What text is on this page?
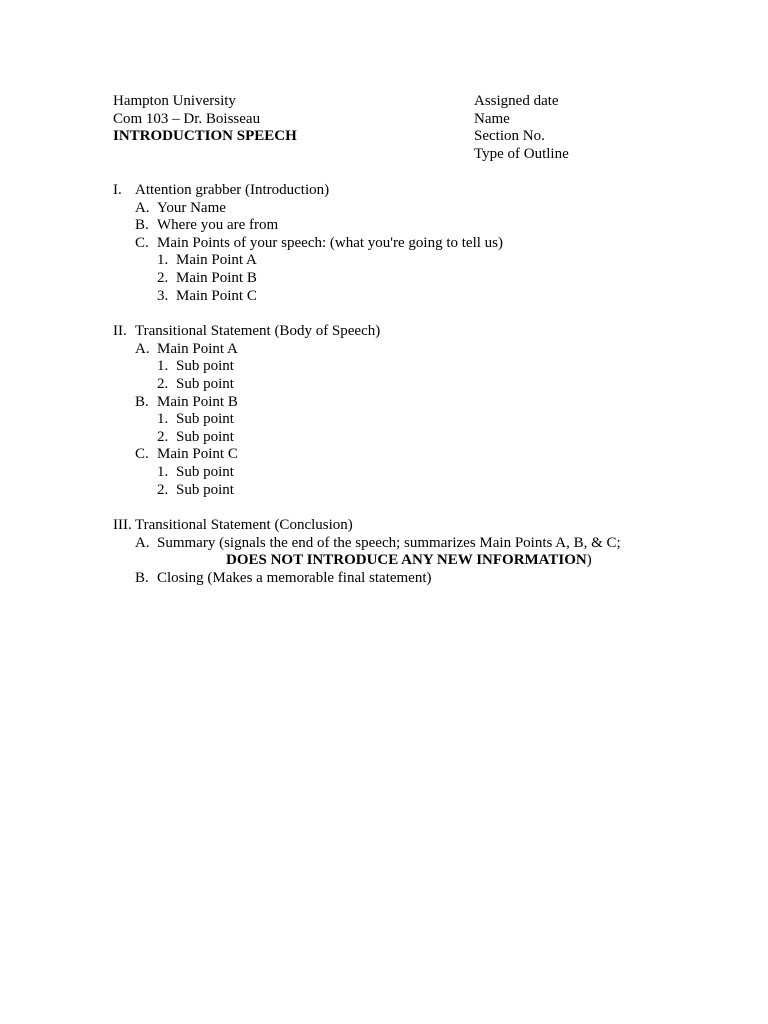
Hampton University
Com 103 – Dr. Boisseau
INTRODUCTION SPEECH
Assigned date
Name
Section No.
Type of Outline
I. Attention grabber (Introduction)
A. Your Name
B. Where you are from
C. Main Points of your speech: (what you're going to tell us)
1. Main Point A
2. Main Point B
3. Main Point C
II. Transitional Statement (Body of Speech)
A. Main Point A
1. Sub point
2. Sub point
B. Main Point B
1. Sub point
2. Sub point
C. Main Point C
1. Sub point
2. Sub point
III. Transitional Statement (Conclusion)
A. Summary (signals the end of the speech; summarizes Main Points A, B, & C;
DOES NOT INTRODUCE ANY NEW INFORMATION)
B. Closing (Makes a memorable final statement)
